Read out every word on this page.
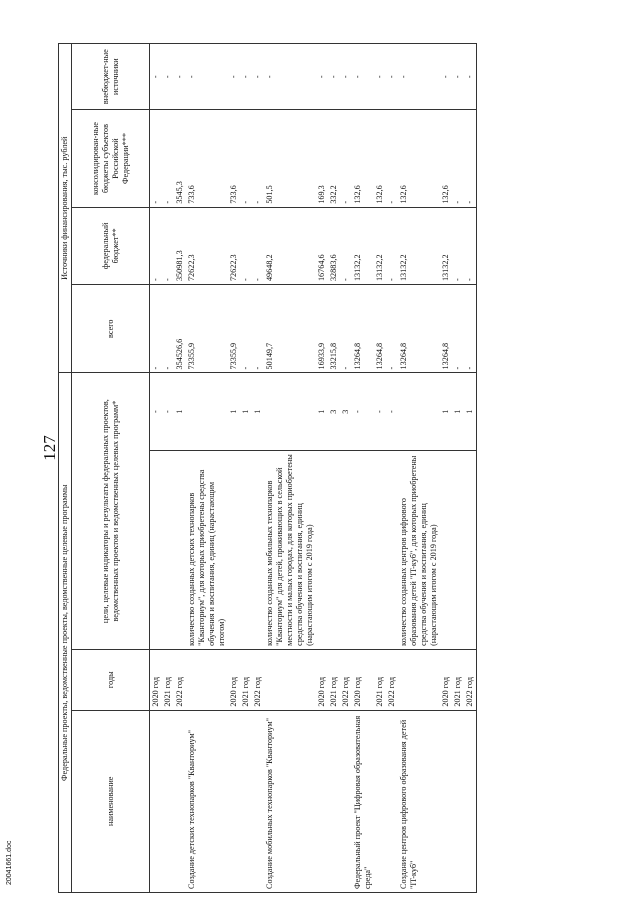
127
20041661.doc
Федеральные проекты, ведомственные проекты, ведомственные целевые программы				Источники финансирования, тыс. рублей			
наименование	годы	цели, целевые индикаторы и результаты федеральных проектов, ведомственных проектов и ведомственных целевых программ*		всего	федеральный бюджет**	консолидирован-ные бюджеты субъектов Российской Федерации***	внебюджет-ные источники
	2020 год		-	-	-	-	-
	2021 год		-	-	-	-	-
	2022 год		1	354526,6	350981,3	3545,3	-
Создание детских технопарков "Кванториум"		количество созданных детских технопарков "Кванториум", для которых приобретены средства обучения и воспитания, единиц (нарастающим итогом)		73355,9	72622,3	733,6	-
	2020 год		1	73355,9	72622,3	733,6	-
	2021 год		1	-	-	-	-
	2022 год		1	-	-	-	-
Создание мобильных технопарков "Кванториум"		количество созданных мобильных технопарков "Кванториум" для детей, проживающих в сельской местности и малых городах, для которых приобретены средства обучения и воспитания, единиц (нарастающим итогом с 2019 года)		50149,7	49648,2	501,5	-
	2020 год		1	16933,9	16764,6	169,3	-
	2021 год		3	33215,8	32883,6	332,2	-
	2022 год		3	-	-	-	-
Федеральный проект "Цифровая образовательная среда"	2020 год		-	13264,8	13132,2	132,6	-
	2021 год		-	13264,8	13132,2	132,6	-
	2022 год		-	-	-	-	-
Создание центров цифрового образования детей "IT-куб"		количество созданных центров цифрового образования детей "IT-куб", для которых приобретены средства обучения и воспитания, единиц (нарастающим итогом с 2019 года)		13264,8	13132,2	132,6	-
	2020 год		1	13264,8	13132,2	132,6	-
	2021 год		1	-	-	-	-
	2022 год		1	-	-	-	-
